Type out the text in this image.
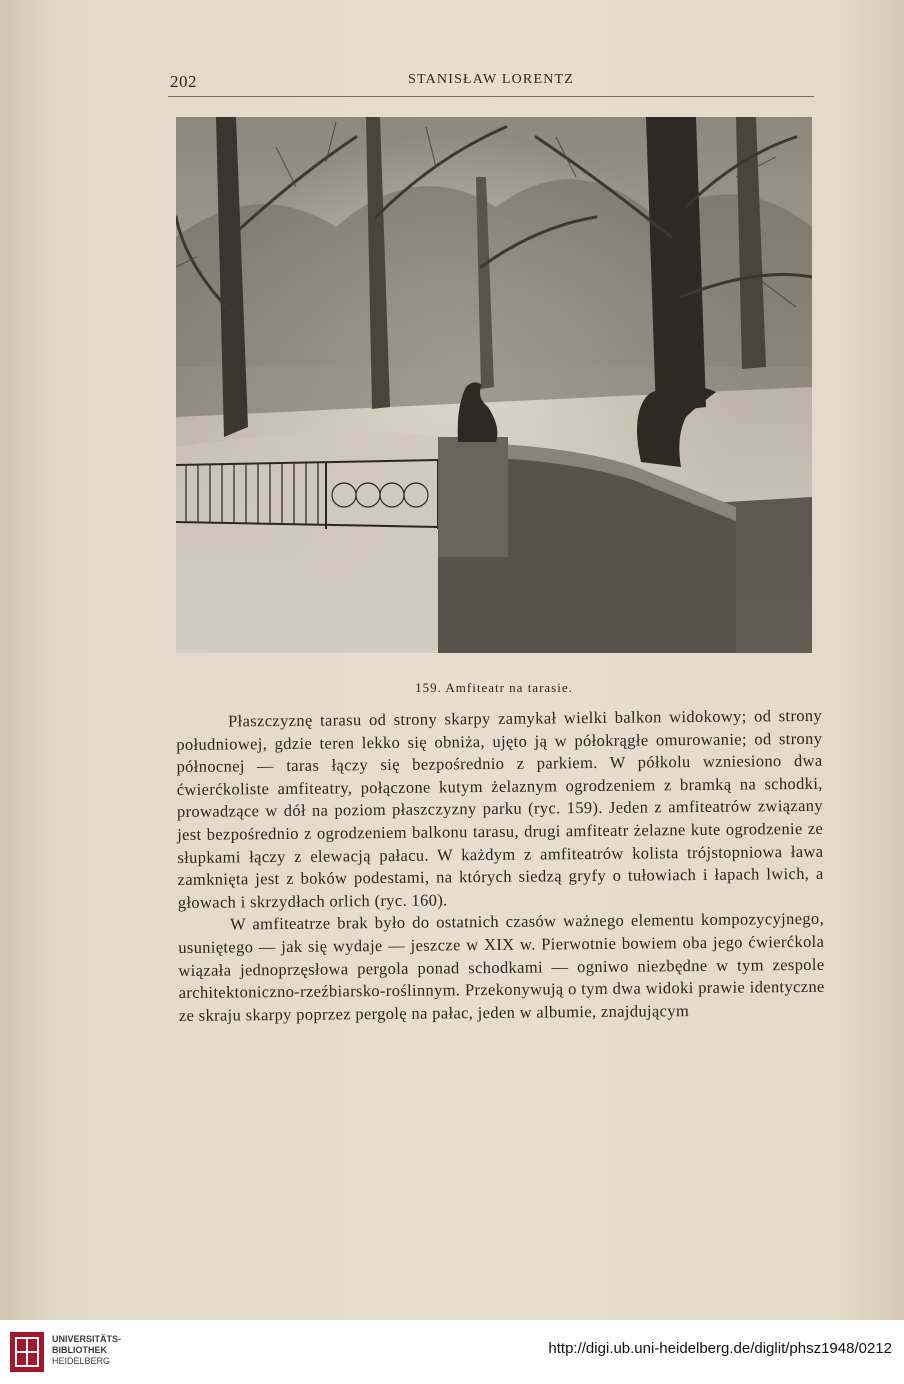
202	STANISŁAW LORENTZ
159. Amfiteatr na tarasie.

Płaszczyznę tarasu od strony skarpy zamykał wielki balkon widokowy; od strony południowej, gdzie teren lekko się obniża, ujęto ją w półokrągłe omurowanie; od strony północnej — taras łączy się bezpośrednio z parkiem. W półkolu wzniesiono dwa ćwierćkoliste amfiteatry, połączone kutym żelaznym ogrodzeniem z bramką na schodki, prowadzące w dół na poziom płaszczyzny parku (ryc. 159). Jeden z amfiteatrów związany jest bezpośrednio z ogrodzeniem balkonu tarasu, drugi amfiteatr żelazne kute ogrodzenie ze słupkami łączy z elewacją pałacu. W każdym z amfiteatrów kolista trójstopniowa ława zamknięta jest z boków podestami, na których siedzą gryfy o tułowiach i łapach lwich, a głowach i skrzydłach orlich (ryc. 160).

W amfiteatrze brak było do ostatnich czasów ważnego elementu kompozycyjnego, usuniętego — jak się wydaje — jeszcze w XIX w. Pierwotnie bowiem oba jego ćwierćkola wiązała jednoprzęsłowa pergola ponad schodkami — ogniwo niezbędne w tym zespole architektoniczno-rzeźbiarsko-roślinnym. Przekonywują o tym dwa widoki prawie identyczne ze skraju skarpy poprzez pergolę na pałac, jeden w albumie, znajdującym

UNIVERSITÄTS-
BIBLIOTHEK
HEIDELBERG
http://digi.ub.uni-heidelberg.de/diglit/phsz1948/0212
